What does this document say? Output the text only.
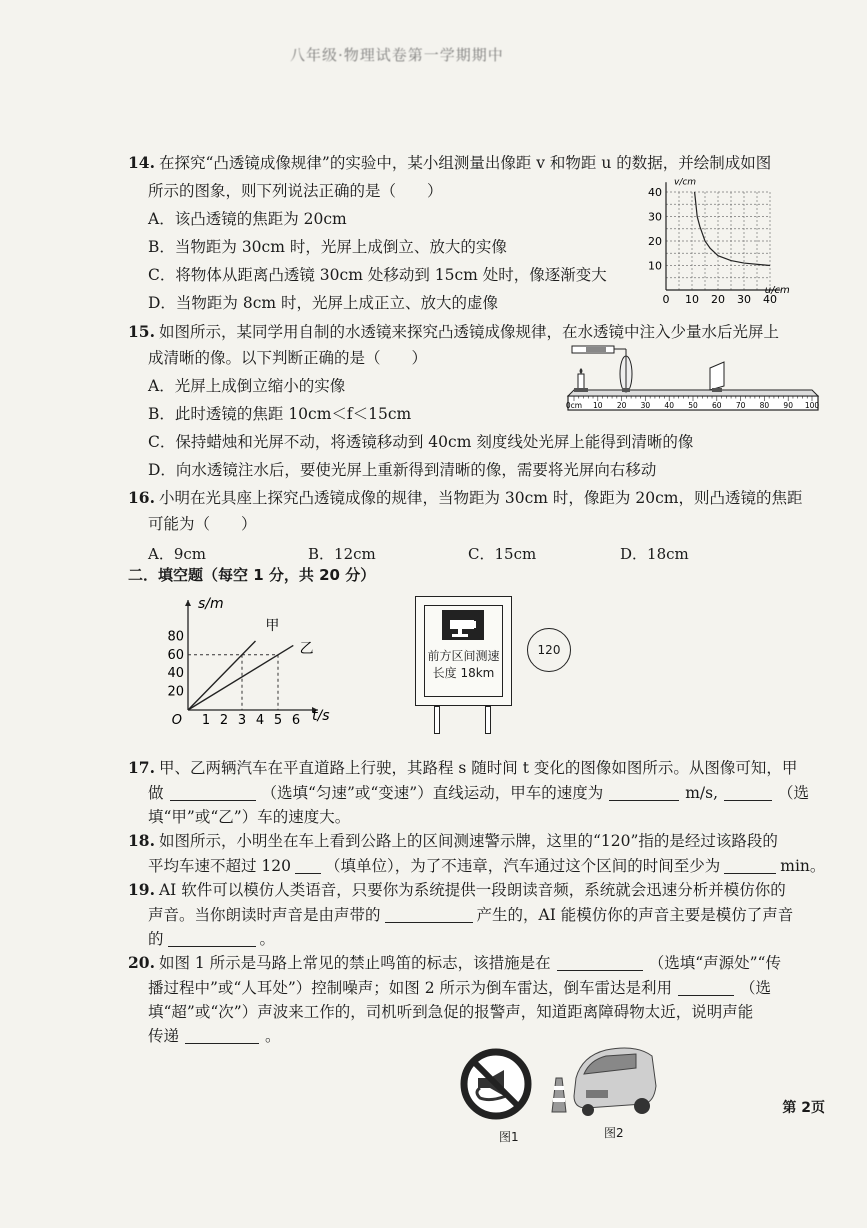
八年级·物理试卷第一学期期中
14. 在探究“凸透镜成像规律”的实验中，某小组测量出像距 v 和物距 u 的数据，并绘制成如图
所示的图象，则下列说法正确的是（　　）
A．该凸透镜的焦距为 20cm
B．当物距为 30cm 时，光屏上成倒立、放大的实像
C．将物体从距离凸透镜 30cm 处移动到 15cm 处时，像逐渐变大
D．当物距为 8cm 时，光屏上成正立、放大的虚像	0 10 20 30 40
10
20
30
40
v/cm
u/cm
15. 如图所示，某同学用自制的水透镜来探究凸透镜成像规律，在水透镜中注入少量水后光屏上
成清晰的像。以下判断正确的是（　　）
A．光屏上成倒立缩小的实像
B．此时透镜的焦距 10cm＜f＜15cm
C．保持蜡烛和光屏不动，将透镜移动到 40cm 刻度线处光屏上能得到清晰的像
D．向水透镜注水后，要使光屏上重新得到清晰的像，需要将光屏向右移动
0cm 10 20 30 40 50 60 70 80 90 100
16. 小明在光具座上探究凸透镜成像的规律，当物距为 30cm 时，像距为 20cm，则凸透镜的焦距
可能为（　　）
A．9cm	B．12cm	C．15cm	D．18cm
二．填空题（每空 1 分，共 20 分）
1 2 3 4 5 6
20
40
60
80
O
s/m
t/s
甲
乙	前方区间测速
长度 18km
120
17. 甲、乙两辆汽车在平直道路上行驶，其路程 s 随时间 t 变化的图像如图所示。从图像可知，甲
做	（选填“匀速”或“变速”）直线运动，甲车的速度为	m/s,	（选
填“甲”或“乙”）车的速度大。
18. 如图所示，小明坐在车上看到公路上的区间测速警示牌，这里的“120”指的是经过该路段的
平均车速不超过 120 （填单位），为了不违章，汽车通过这个区间的时间至少为	min。
19. AI 软件可以模仿人类语音，只要你为系统提供一段朗读音频，系统就会迅速分析并模仿你的
声音。当你朗读时声音是由声带的	产生的，AI 能模仿你的声音主要是模仿了声音
的	。
20. 如图 1 所示是马路上常见的禁止鸣笛的标志，该措施是在	（选填“声源处”“传
播过程中”或“人耳处”）控制噪声；如图 2 所示为倒车雷达，倒车雷达是利用	（选
填“超”或“次”）声波来工作的，司机听到急促的报警声，知道距离障碍物太近，说明声能
传递	。
图1	图2
第 2页
